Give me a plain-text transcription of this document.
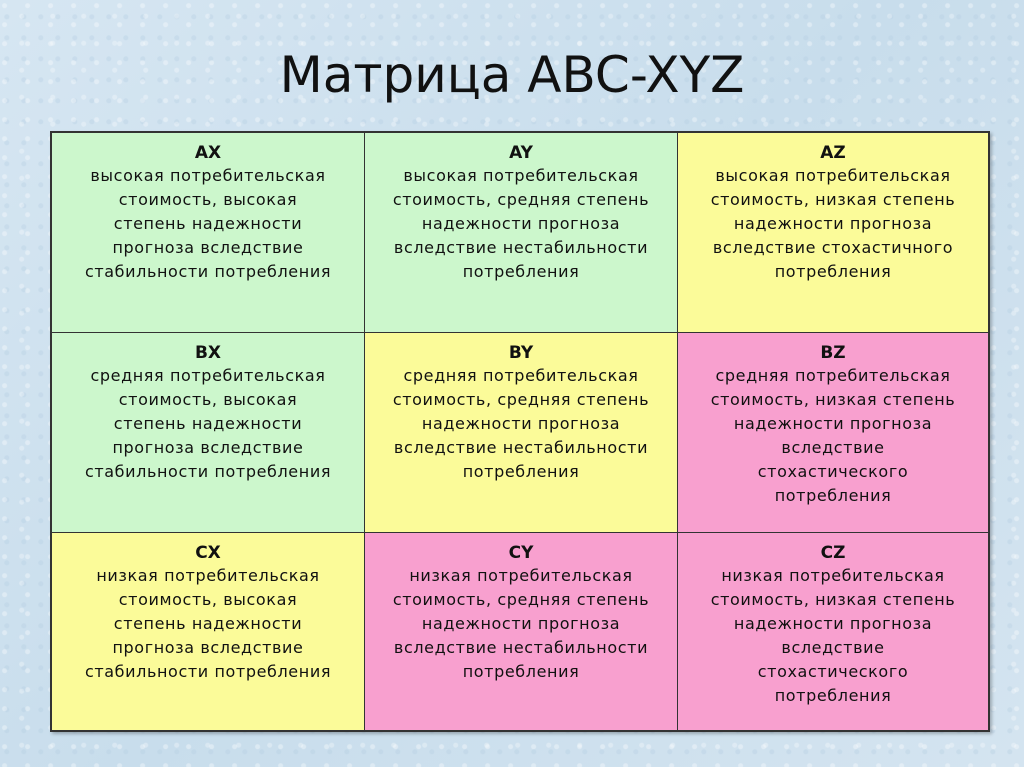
Матрица ABC-XYZ
AX
высокая потребительская
стоимость, высокая
степень надежности
прогноза вследствие
стабильности потребления
AY
высокая потребительская
стоимость, средняя степень
надежности прогноза
вследствие нестабильности
потребления
AZ
высокая потребительская
стоимость, низкая степень
надежности прогноза
вследствие стохастичного
потребления
BX
средняя потребительская
стоимость, высокая
степень надежности
прогноза вследствие
стабильности потребления
BY
средняя потребительская
стоимость, средняя степень
надежности прогноза
вследствие нестабильности
потребления
BZ
средняя потребительская
стоимость, низкая степень
надежности прогноза
вследствие
стохастического
потребления
CX
низкая потребительская
стоимость, высокая
степень надежности
прогноза вследствие
стабильности потребления
CY
низкая потребительская
стоимость, средняя степень
надежности прогноза
вследствие нестабильности
потребления
CZ
низкая потребительская
стоимость, низкая степень
надежности прогноза
вследствие
стохастического
потребления
